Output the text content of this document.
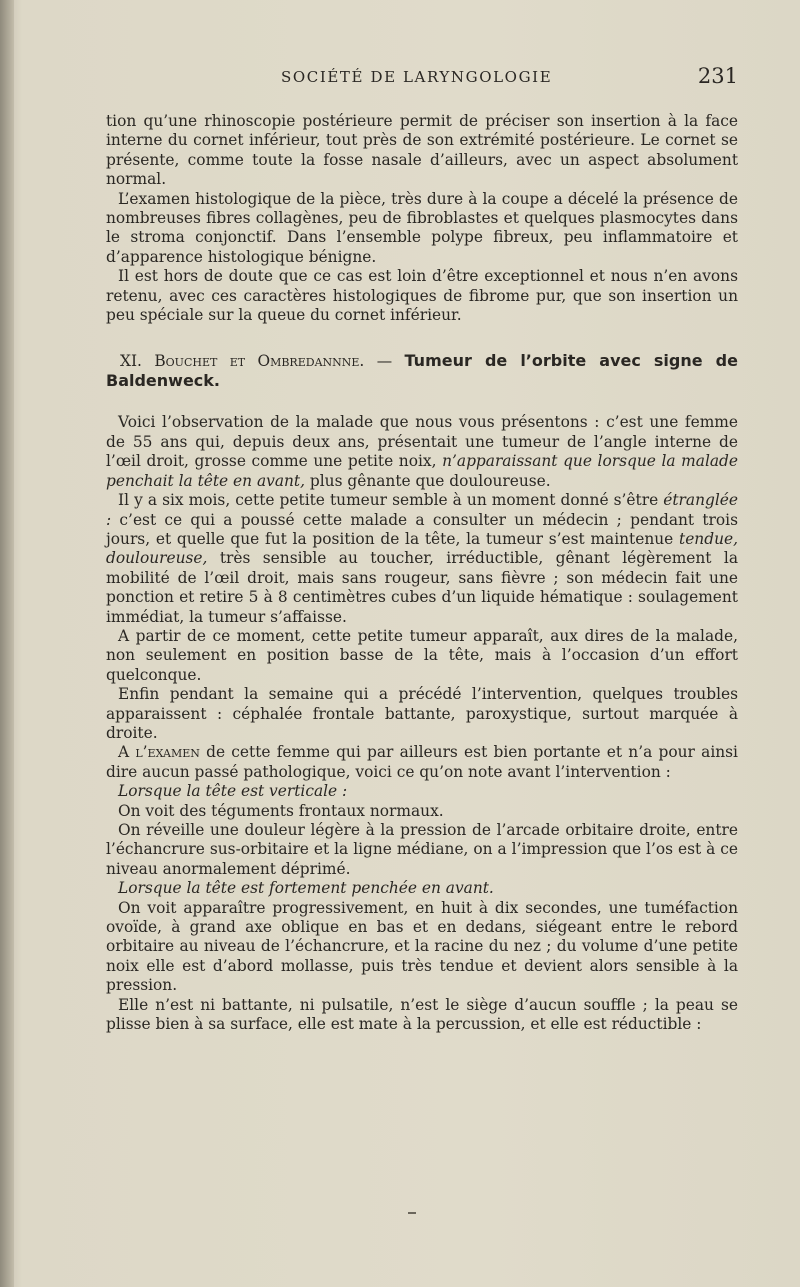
SOCIÉTÉ DE LARYNGOLOGIE	231

tion qu’une rhinoscopie postérieure permit de préciser son insertion à la face interne du cornet inférieur, tout près de son extrémité postérieure. Le cornet se présente, comme toute la fosse nasale d’ailleurs, avec un aspect absolument normal.

L’examen histologique de la pièce, très dure à la coupe a décelé la présence de nombreuses fibres collagènes, peu de fibroblastes et quelques plasmocytes dans le stroma conjonctif. Dans l’ensemble polype fibreux, peu inflammatoire et d’apparence histologique bénigne.

Il est hors de doute que ce cas est loin d’être exceptionnel et nous n’en avons retenu, avec ces caractères histologiques de fibrome pur, que son insertion un peu spéciale sur la queue du cornet inférieur.

XI. Bouchet et Ombredannne. — Tumeur de l’orbite avec signe de Baldenweck.

Voici l’observation de la malade que nous vous présentons : c’est une femme de 55 ans qui, depuis deux ans, présentait une tumeur de l’angle interne de l’œil droit, grosse comme une petite noix, n’apparaissant que lorsque la malade penchait la tête en avant, plus gênante que douloureuse.

Il y a six mois, cette petite tumeur semble à un moment donné s’être étranglée : c’est ce qui a poussé cette malade a consulter un médecin ; pendant trois jours, et quelle que fut la position de la tête, la tumeur s’est maintenue tendue, douloureuse, très sensible au toucher, irréductible, gênant légèrement la mobilité de l’œil droit, mais sans rougeur, sans fièvre ; son médecin fait une ponction et retire 5 à 8 centimètres cubes d’un liquide hématique : soulagement immédiat, la tumeur s’affaisse.

A partir de ce moment, cette petite tumeur apparaît, aux dires de la malade, non seulement en position basse de la tête, mais à l’occasion d’un effort quelconque.

Enfin pendant la semaine qui a précédé l’intervention, quelques troubles apparaissent : céphalée frontale battante, paroxystique, surtout marquée à droite.

A l’examen de cette femme qui par ailleurs est bien portante et n’a pour ainsi dire aucun passé pathologique, voici ce qu’on note avant l’intervention :

Lorsque la tête est verticale :

On voit des téguments frontaux normaux.

On réveille une douleur légère à la pression de l’arcade orbitaire droite, entre l’échancrure sus-orbitaire et la ligne médiane, on a l’impression que l’os est à ce niveau anormalement déprimé.

Lorsque la tête est fortement penchée en avant.

On voit apparaître progressivement, en huit à dix secondes, une tuméfaction ovoïde, à grand axe oblique en bas et en dedans, siégeant entre le rebord orbitaire au niveau de l’échancrure, et la racine du nez ; du volume d’une petite noix elle est d’abord mollasse, puis très tendue et devient alors sensible à la pression.

Elle n’est ni battante, ni pulsatile, n’est le siège d’aucun souffle ; la peau se plisse bien à sa surface, elle est mate à la percussion, et elle est réductible :
